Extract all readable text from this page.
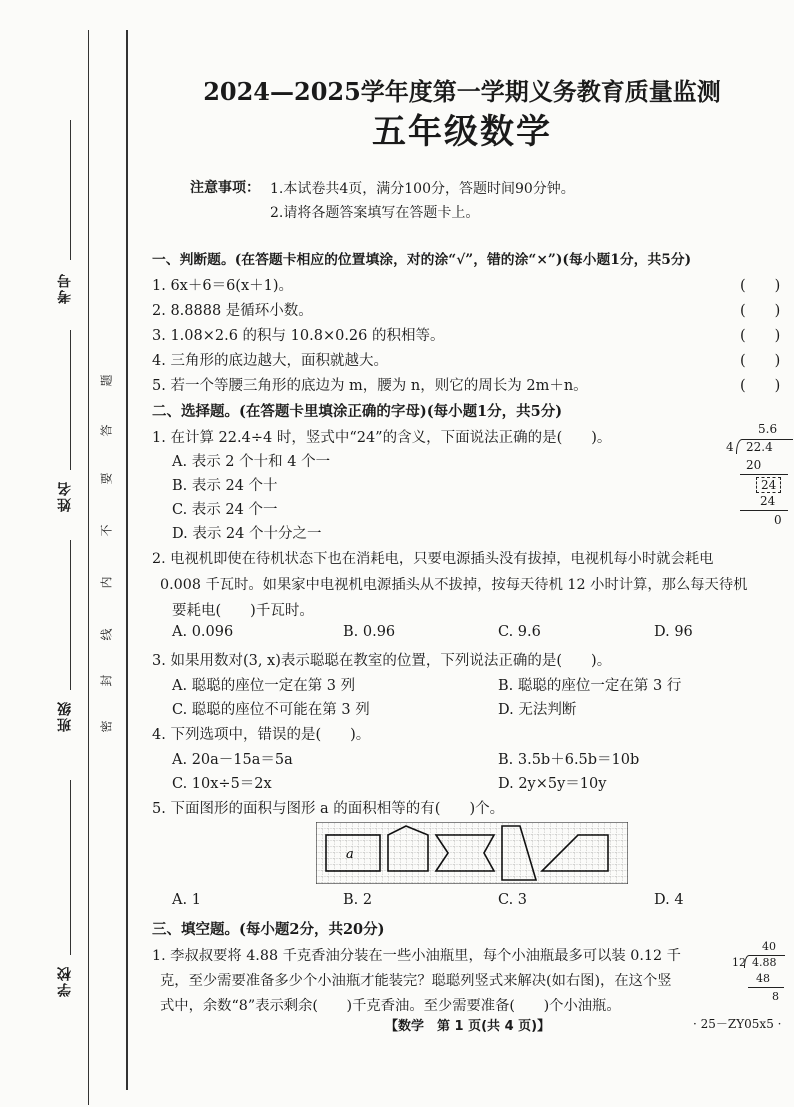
考号
姓名
班级
学校
密
封
线
内
不
要
答
题
2024—2025学年度第一学期义务教育质量监测
五年级数学
注意事项： 1.本试卷共4页，满分100分，答题时间90分钟。
2.请将各题答案填写在答题卡上。
一、判断题。(在答题卡相应的位置填涂，对的涂“√”，错的涂“×”)(每小题1分，共5分)
1. 6x＋6＝6(x＋1)。	(　　)
2. 8.8888 是循环小数。	(　　)
3. 1.08×2.6 的积与 10.8×0.26 的积相等。	(　　)
4. 三角形的底边越大，面积就越大。	(　　)
5. 若一个等腰三角形的底边为 m，腰为 n，则它的周长为 2m＋n。	(　　)
二、选择题。(在答题卡里填涂正确的字母)(每小题1分，共5分)
1. 在计算 22.4÷4 时，竖式中“24”的含义，下面说法正确的是(　　)。
A. 表示 2 个十和 4 个一
B. 表示 24 个十
C. 表示 24 个一
D. 表示 24 个十分之一
5.6
4 22.4
20
24
24
0
2. 电视机即使在待机状态下也在消耗电，只要电源插头没有拔掉，电视机每小时就会耗电
0.008 千瓦时。如果家中电视机电源插头从不拔掉，按每天待机 12 小时计算，那么每天待机
要耗电(　　)千瓦时。
A. 0.096	B. 0.96	C. 9.6	D. 96
3. 如果用数对(3, x)表示聪聪在教室的位置，下列说法正确的是(　　)。
A. 聪聪的座位一定在第 3 列	B. 聪聪的座位一定在第 3 行
C. 聪聪的座位不可能在第 3 列	D. 无法判断
4. 下列选项中，错误的是(　　)。
A. 20a－15a＝5a	B. 3.5b＋6.5b＝10b
C. 10x÷5＝2x	D. 2y×5y＝10y
5. 下面图形的面积与图形 a 的面积相等的有(　　)个。
a
A. 1	B. 2	C. 3	D. 4
三、填空题。(每小题2分，共20分)
1. 李叔叔要将 4.88 千克香油分装在一些小油瓶里，每个小油瓶最多可以装 0.12 千
克，至少需要准备多少个小油瓶才能装完？聪聪列竖式来解决(如右图)，在这个竖
式中，余数“8”表示剩余(　　)千克香油。至少需要准备(　　)个小油瓶。
40
12 4.88
48
8
【数学　第 1 页(共 4 页)】	· 25－ZY05x5 ·
